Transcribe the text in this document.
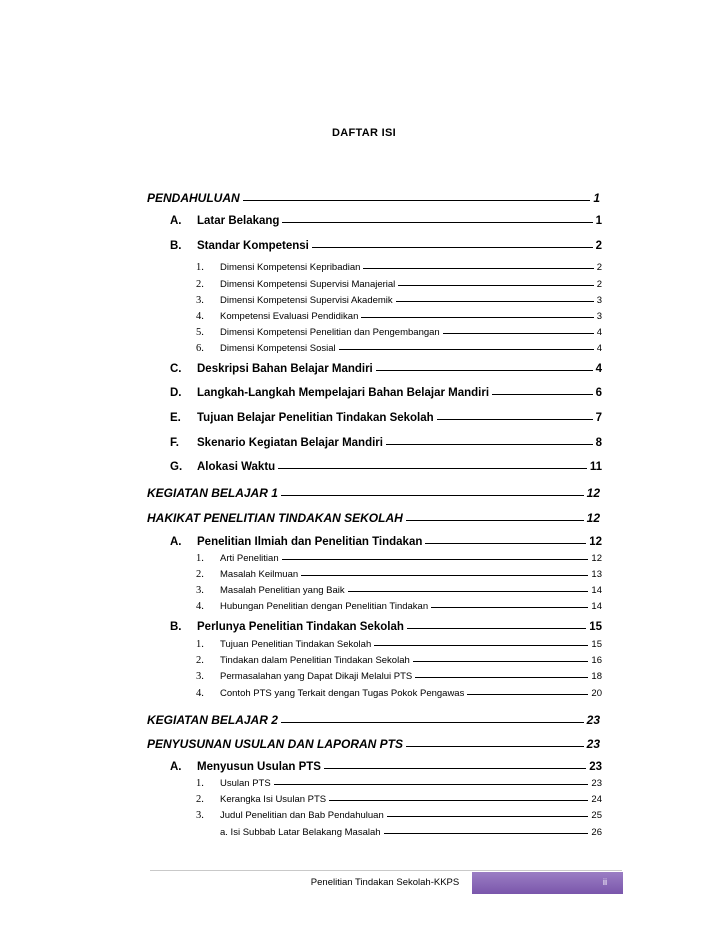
DAFTAR ISI
PENDAHULUAN	1
A. Latar Belakang	1
B. Standar Kompetensi	2
1. Dimensi Kompetensi Kepribadian	2
2. Dimensi Kompetensi Supervisi Manajerial	2
3. Dimensi Kompetensi Supervisi Akademik	3
4. Kompetensi Evaluasi Pendidikan	3
5. Dimensi Kompetensi Penelitian dan Pengembangan	4
6. Dimensi Kompetensi Sosial	4
C. Deskripsi Bahan Belajar Mandiri	4
D. Langkah-Langkah Mempelajari Bahan Belajar Mandiri	6
E. Tujuan Belajar Penelitian Tindakan Sekolah	7
F. Skenario Kegiatan Belajar Mandiri	8
G. Alokasi Waktu	11
KEGIATAN BELAJAR 1	12
HAKIKAT PENELITIAN TINDAKAN SEKOLAH	12
A. Penelitian Ilmiah dan Penelitian Tindakan	12
1. Arti Penelitian	12
2. Masalah Keilmuan	13
3. Masalah Penelitian yang Baik	14
4. Hubungan Penelitian dengan Penelitian Tindakan	14
B. Perlunya Penelitian Tindakan Sekolah	15
1. Tujuan Penelitian Tindakan Sekolah	15
2. Tindakan dalam Penelitian Tindakan Sekolah	16
3. Permasalahan yang Dapat Dikaji Melalui PTS	18
4. Contoh PTS yang Terkait dengan Tugas Pokok Pengawas	20
KEGIATAN BELAJAR 2	23
PENYUSUNAN USULAN DAN LAPORAN PTS	23
A. Menyusun Usulan PTS	23
1. Usulan PTS	23
2. Kerangka Isi Usulan PTS	24
3. Judul Penelitian dan Bab Pendahuluan	25
a. Isi Subbab Latar Belakang Masalah	26
Penelitian Tindakan Sekolah-KKPS	ii
